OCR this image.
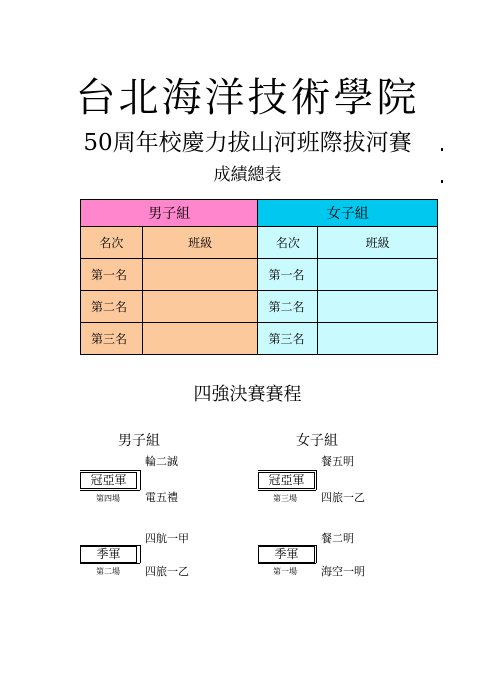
台北海洋技術學院
50周年校慶力拔山河班際拔河賽
成績總表
男子組		女子組	
名次	班級	名次	班級
第一名		第一名	
第二名		第二名	
第三名		第三名	
四強決賽賽程
男子組
輪二誠
冠亞軍
第四場 電五禮
四航一甲
季軍
第二場 四旅一乙
女子組
餐五明
冠亞軍
第三場 四旅一乙
餐二明
季軍
第一場 海空一明
